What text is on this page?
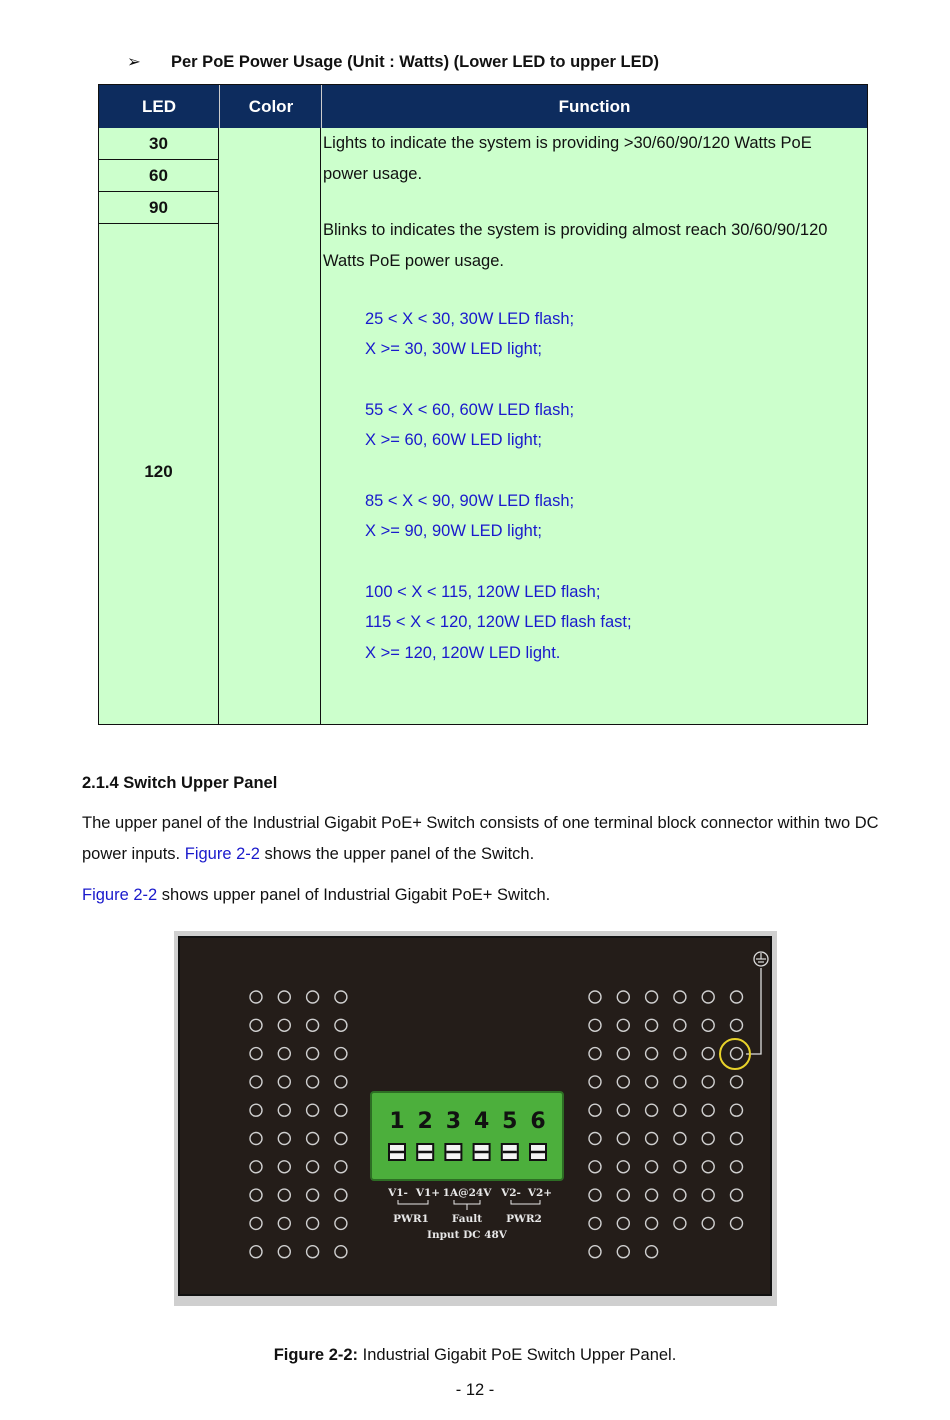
➢ Per PoE Power Usage (Unit : Watts) (Lower LED to upper LED)
LED	Color	Function
30
60
90
120

Lights to indicate the system is providing >30/60/90/120 Watts PoE

power usage.

Blinks to indicates the system is providing almost reach 30/60/90/120

Watts PoE power usage.

25 < X < 30, 30W LED flash;

X >= 30, 30W LED light;

55 < X < 60, 60W LED flash;

X >= 60, 60W LED light;

85 < X < 90, 90W LED flash;

X >= 90, 90W LED light;

100 < X < 115, 120W LED flash;

115 < X < 120, 120W LED flash fast;

X >= 120, 120W LED light.

2.1.4 Switch Upper Panel
The upper panel of the Industrial Gigabit PoE+ Switch consists of one terminal block connector within two DC power inputs. Figure 2-2 shows the upper panel of the Switch.
Figure 2-2 shows upper panel of Industrial Gigabit PoE+ Switch.
1 2 3 4 5 6
V1- V1+ 1A@24V V2- V2+
PWR1 Fault PWR2
Input DC 48V
Figure 2-2: Industrial Gigabit PoE Switch Upper Panel.
- 12 -
